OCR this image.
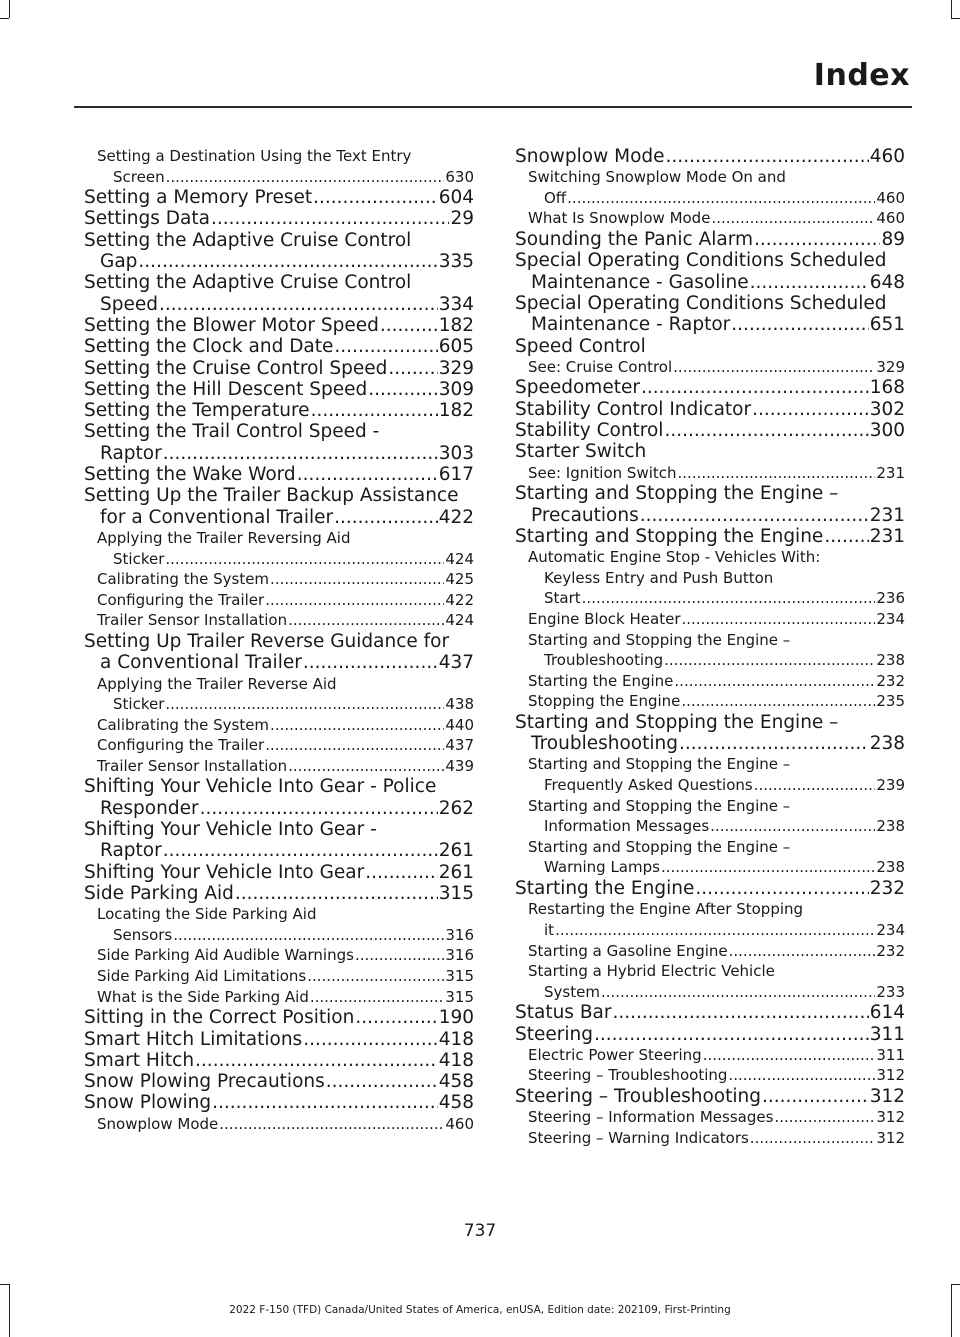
Index
Setting a Destination Using the Text Entry
Screen .....	630
Setting a Memory Preset .....	604
Settings Data .....	29
Setting the Adaptive Cruise Control
Gap .....	335
Setting the Adaptive Cruise Control
Speed .....	334
Setting the Blower Motor Speed .....	182
Setting the Clock and Date .....	605
Setting the Cruise Control Speed .....	329
Setting the Hill Descent Speed .....	309
Setting the Temperature .....	182
Setting the Trail Control Speed -
Raptor .....	303
Setting the Wake Word .....	617
Setting Up the Trailer Backup Assistance
for a Conventional Trailer .....	422
Applying the Trailer Reversing Aid
Sticker .....	424
Calibrating the System .....	425
Configuring the Trailer .....	422
Trailer Sensor Installation .....	424
Setting Up Trailer Reverse Guidance for
a Conventional Trailer .....	437
Applying the Trailer Reverse Aid
Sticker .....	438
Calibrating the System .....	440
Configuring the Trailer .....	437
Trailer Sensor Installation .....	439
Shifting Your Vehicle Into Gear - Police
Responder .....	262
Shifting Your Vehicle Into Gear -
Raptor .....	261
Shifting Your Vehicle Into Gear .....	261
Side Parking Aid .....	315
Locating the Side Parking Aid
Sensors .....	316
Side Parking Aid Audible Warnings .....	316
Side Parking Aid Limitations .....	315
What is the Side Parking Aid .....	315
Sitting in the Correct Position .....	190
Smart Hitch Limitations .....	418
Smart Hitch .....	418
Snow Plowing Precautions .....	458
Snow Plowing .....	458
Snowplow Mode .....	460
Snowplow Mode .....	460
Switching Snowplow Mode On and
Off .....	460
What Is Snowplow Mode .....	460
Sounding the Panic Alarm .....	89
Special Operating Conditions Scheduled
Maintenance - Gasoline .....	648
Special Operating Conditions Scheduled
Maintenance - Raptor .....	651
Speed Control
See: Cruise Control .....	329
Speedometer .....	168
Stability Control Indicator .....	302
Stability Control .....	300
Starter Switch
See: Ignition Switch .....	231
Starting and Stopping the Engine –
Precautions .....	231
Starting and Stopping the Engine .....	231
Automatic Engine Stop - Vehicles With:
Keyless Entry and Push Button
Start .....	236
Engine Block Heater .....	234
Starting and Stopping the Engine –
Troubleshooting .....	238
Starting the Engine .....	232
Stopping the Engine .....	235
Starting and Stopping the Engine –
Troubleshooting .....	238
Starting and Stopping the Engine –
Frequently Asked Questions .....	239
Starting and Stopping the Engine –
Information Messages .....	238
Starting and Stopping the Engine –
Warning Lamps .....	238
Starting the Engine .....	232
Restarting the Engine After Stopping
it .....	234
Starting a Gasoline Engine .....	232
Starting a Hybrid Electric Vehicle
System .....	233
Status Bar .....	614
Steering .....	311
Electric Power Steering .....	311
Steering – Troubleshooting .....	312
Steering – Troubleshooting .....	312
Steering – Information Messages .....	312
Steering – Warning Indicators .....	312
737
2022 F-150 (TFD) Canada/United States of America, enUSA, Edition date: 202109, First-Printing
